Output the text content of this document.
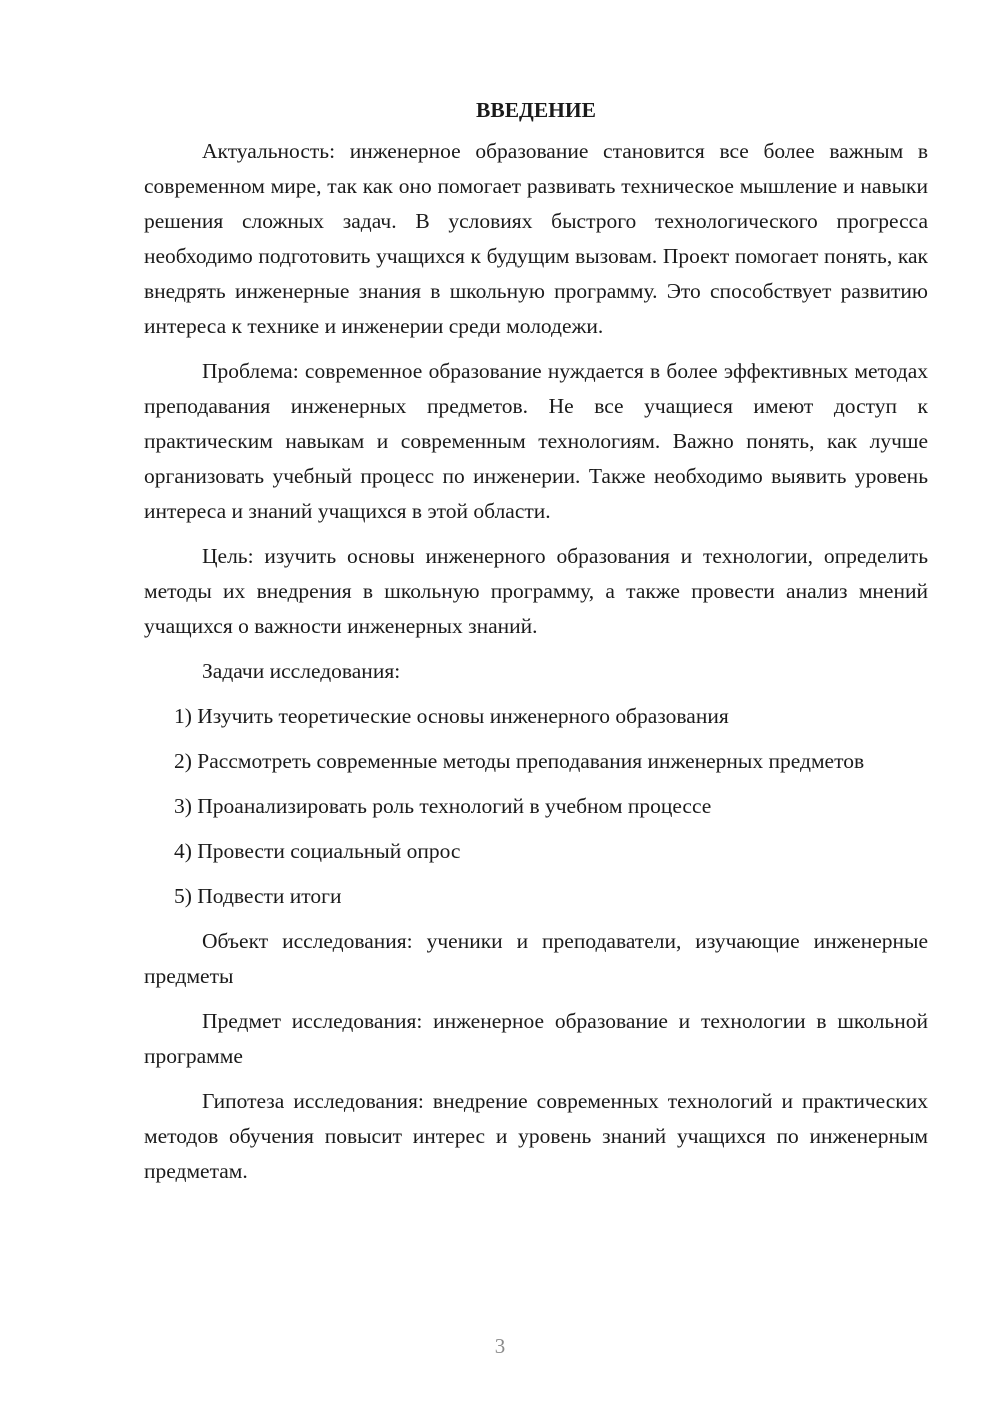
ВВЕДЕНИЕ

Актуальность: инженерное образование становится все более важным в современном мире, так как оно помогает развивать техническое мышление и навыки решения сложных задач. В условиях быстрого технологического прогресса необходимо подготовить учащихся к будущим вызовам. Проект помогает понять, как внедрять инженерные знания в школьную программу. Это способствует развитию интереса к технике и инженерии среди молодежи.

Проблема: современное образование нуждается в более эффективных методах преподавания инженерных предметов. Не все учащиеся имеют доступ к практическим навыкам и современным технологиям. Важно понять, как лучше организовать учебный процесс по инженерии. Также необходимо выявить уровень интереса и знаний учащихся в этой области.

Цель: изучить основы инженерного образования и технологии, определить методы их внедрения в школьную программу, а также провести анализ мнений учащихся о важности инженерных знаний.

Задачи исследования:

1) Изучить теоретические основы инженерного образования

2) Рассмотреть современные методы преподавания инженерных предметов

3) Проанализировать роль технологий в учебном процессе

4) Провести социальный опрос

5) Подвести итоги

Объект исследования: ученики и преподаватели, изучающие инженерные предметы

Предмет исследования: инженерное образование и технологии в школьной программе

Гипотеза исследования: внедрение современных технологий и практических методов обучения повысит интерес и уровень знаний учащихся по инженерным предметам.

3
